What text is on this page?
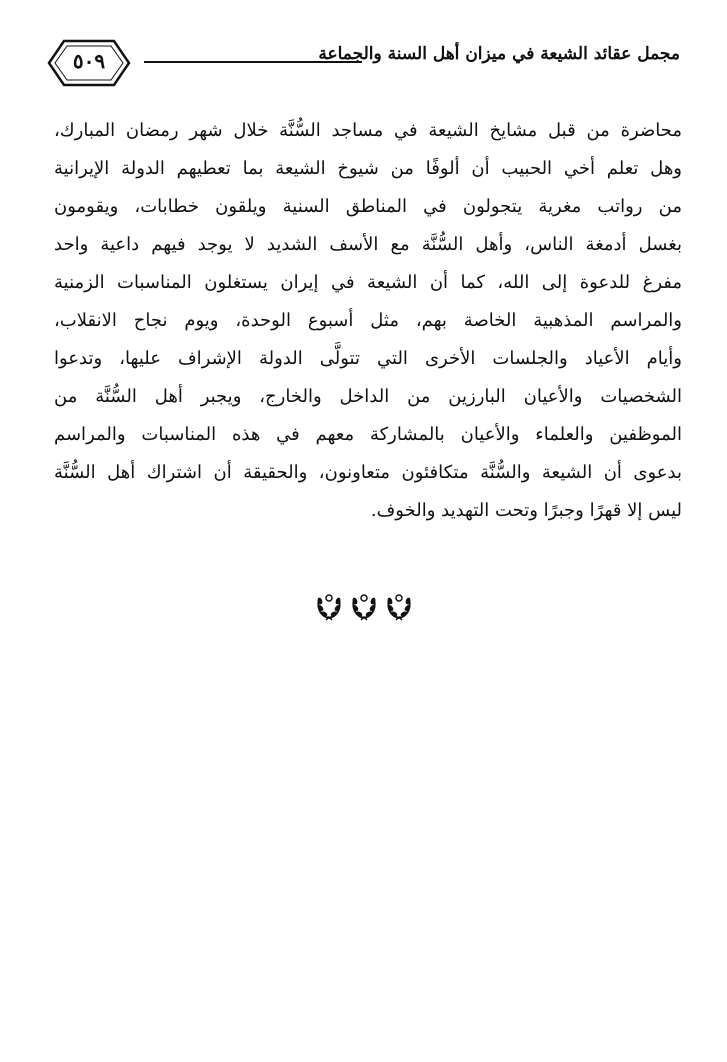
مجمل عقائد الشيعة في ميزان أهل السنة والجماعة
٥٠٩
محاضرة من قبل مشايخ الشيعة في مساجد السُّنَّة خلال شهر رمضان المبارك،
وهل تعلم أخي الحبيب أن ألوفًا من شيوخ الشيعة بما تعطيهم الدولة الإيرانية
من رواتب مغرية يتجولون في المناطق السنية ويلقون خطابات، ويقومون
بغسل أدمغة الناس، وأهل السُّنَّة مع الأسف الشديد لا يوجد فيهم داعية واحد
مفرغ للدعوة إلى الله، كما أن الشيعة في إيران يستغلون المناسبات الزمنية
والمراسم المذهبية الخاصة بهم، مثل أسبوع الوحدة، ويوم نجاح الانقلاب،
وأيام الأعياد والجلسات الأخرى التي تتولَّى الدولة الإشراف عليها، وتدعوا
الشخصيات والأعيان البارزين من الداخل والخارج، ويجبر أهل السُّنَّة من
الموظفين والعلماء والأعيان بالمشاركة معهم في هذه المناسبات والمراسم
بدعوى أن الشيعة والسُّنَّة متكافئون متعاونون، والحقيقة أن اشتراك أهل السُّنَّة
ليس إلا قهرًا وجبرًا وتحت التهديد والخوف.
